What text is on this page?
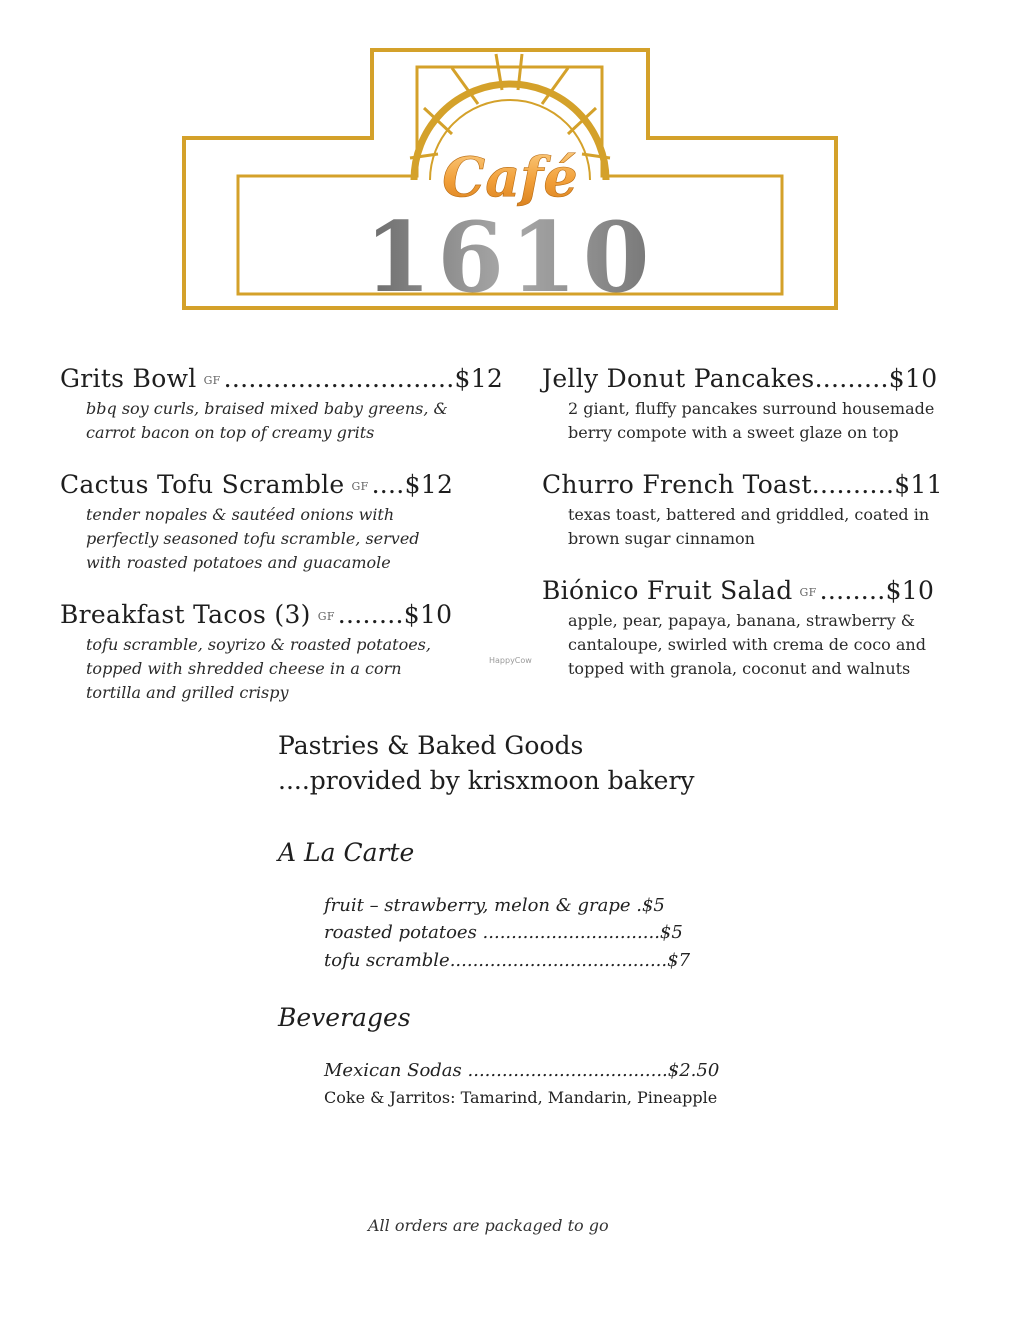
Café
1610
Grits Bowl GF ............................$12
bbq soy curls, braised mixed baby greens, &
carrot bacon on top of creamy grits
Cactus Tofu Scramble GF ....$12
tender nopales & sautéed onions with
perfectly seasoned tofu scramble, served
with roasted potatoes and guacamole
Breakfast Tacos (3) GF ........$10
tofu scramble, soyrizo & roasted potatoes,
topped with shredded cheese in a corn
tortilla and grilled crispy
Jelly Donut Pancakes.........$10
2 giant, fluffy pancakes surround housemade
berry compote with a sweet glaze on top
Churro French Toast..........$11
texas toast, battered and griddled, coated in
brown sugar cinnamon
Biónico Fruit Salad GF ........$10
apple, pear, papaya, banana, strawberry &
cantaloupe, swirled with crema de coco and
topped with granola, coconut and walnuts
HappyCow
Pastries & Baked Goods
....provided by krisxmoon bakery
A La Carte
fruit – strawberry, melon & grape .$5
roasted potatoes ...............................$5
tofu scramble......................................$7
Beverages
Mexican Sodas ...................................$2.50
Coke & Jarritos: Tamarind, Mandarin, Pineapple
All orders are packaged to go
